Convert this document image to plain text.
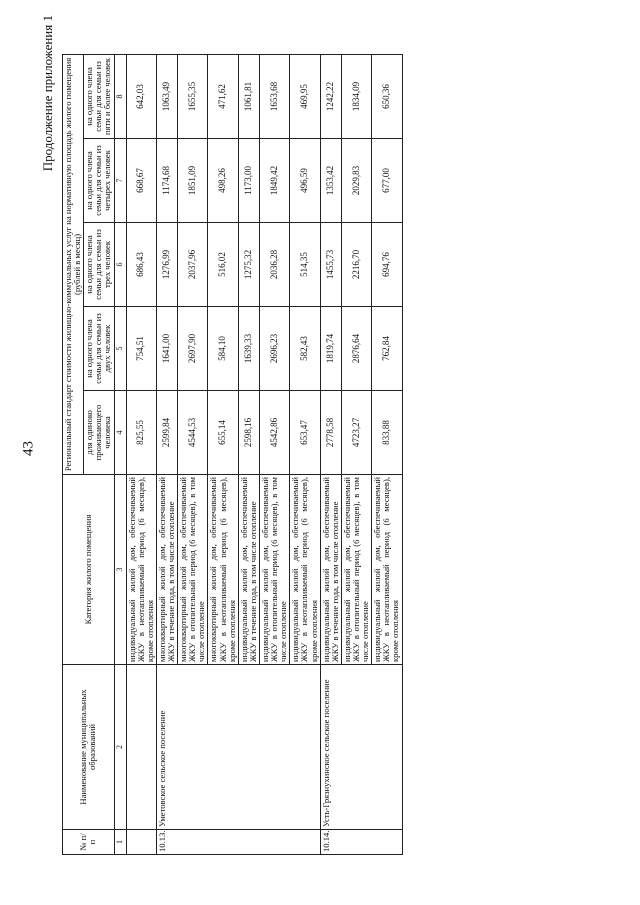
43
Продолжение приложения 1
№ п/п	Наименование муниципальных образований	Категория жилого помещения	Региональный стандарт стоимости жилищно-коммунальных услуг на нормативную площадь жилого помещения (рублей в месяц)				
			для одиноко проживающего человека	на одного члена семьи для семьи из двух человек	на одного члена семьи для семьи из трех человек	на одного члена семьи для семьи из четырех человек	на одного члена семьи для семьи из пяти и более человек
1	2	3	4	5	6	7	8
		индивидуальный жилой дом, обеспечиваемый ЖКУ в неотапливаемый период (6 месяцев), кроме отопления	825,55	754,51	686,43	668,67	642,03
10.13.	Уметовское сельское поселение	многоквартирный жилой дом, обеспечиваемый ЖКУ в течение года, в том числе отопление	2599,84	1641,00	1276,99	1174,68	1063,49
		многоквартирный жилой дом, обеспечиваемый ЖКУ в отопительный период (6 месяцев), в том числе отопление	4544,53	2697,90	2037,96	1851,09	1655,35
		многоквартирный жилой дом, обеспечиваемый ЖКУ в неотапливаемый период (6 месяцев), кроме отопления	655,14	584,10	516,02	498,26	471,62
		индивидуальный жилой дом, обеспечиваемый ЖКУ в течение года, в том числе отопление	2598,16	1639,33	1275,32	1173,00	1061,81
		индивидуальный жилой дом, обеспечиваемый ЖКУ в отопительный период (6 месяцев), в том числе отопление	4542,86	2696,23	2036,28	1849,42	1653,68
		индивидуальный жилой дом, обеспечиваемый ЖКУ в неотапливаемый период (6 месяцев), кроме отопления	653,47	582,43	514,35	496,59	469,95
10.14.	Усть-Грязнухинское сельское поселение	индивидуальный жилой дом, обеспечиваемый ЖКУ в течение года, в том числе отопление	2778,58	1819,74	1455,73	1353,42	1242,22
		индивидуальный жилой дом, обеспечиваемый ЖКУ в отопительный период (6 месяцев), в том числе отопление	4723,27	2876,64	2216,70	2029,83	1834,09
		индивидуальный жилой дом, обеспечиваемый ЖКУ в неотапливаемый период (6 месяцев), кроме отопления	833,88	762,84	694,76	677,00	650,36
